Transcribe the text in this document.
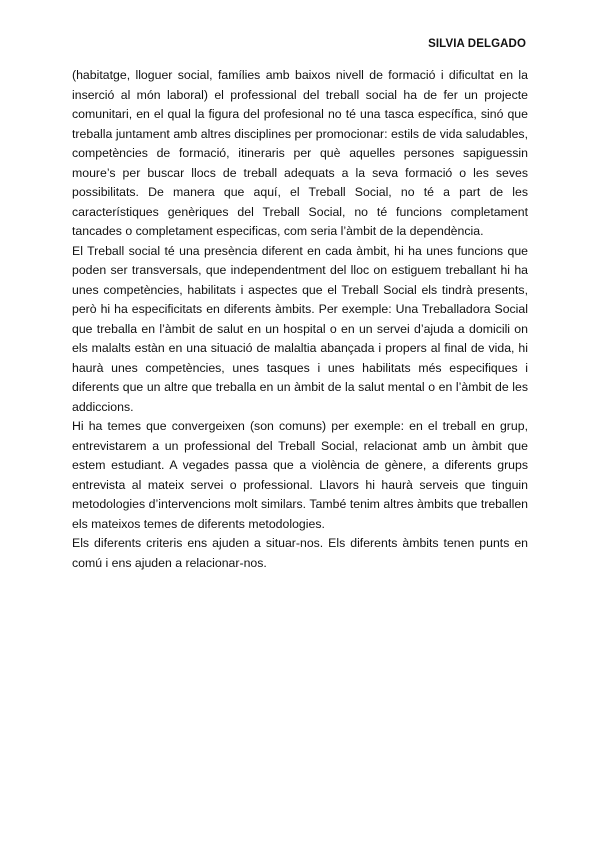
SILVIA DELGADO

(habitatge, lloguer social, famílies amb baixos nivell de formació i dificultat en la inserció al món laboral) el professional del treball social ha de fer un projecte comunitari, en el qual la figura del profesional no té una tasca específica, sinó que treballa juntament amb altres disciplines per promocionar: estils de vida saludables, competències de formació, itineraris per què aquelles persones sapiguessin moure’s per buscar llocs de treball adequats a la seva formació o les seves possibilitats. De manera que aquí, el Treball Social, no té a part de les característiques genèriques del Treball Social, no té funcions completament tancades o completament especificas, com seria l’àmbit de la dependència.

El Treball social té una presència diferent en cada àmbit, hi ha unes funcions que poden ser transversals, que independentment del lloc on estiguem treballant hi ha unes competències, habilitats i aspectes que el Treball Social els tindrà presents, però hi ha especificitats en diferents àmbits. Per exemple: Una Treballadora Social que treballa en l’àmbit de salut en un hospital o en un servei d’ajuda a domicili on els malalts estàn en una situació de malaltia abançada i propers al final de vida, hi haurà unes competències, unes tasques i unes habilitats més especifiques i diferents que un altre que treballa en un àmbit de la salut mental o en l’àmbit de les addiccions.

Hi ha temes que convergeixen (son comuns) per exemple: en el treball en grup, entrevistarem a un professional del Treball Social, relacionat amb un àmbit que estem estudiant. A vegades passa que a violència de gènere, a diferents grups entrevista al mateix servei o professional. Llavors hi haurà serveis que tinguin metodologies d’intervencions molt similars. També tenim altres àmbits que treballen els mateixos temes de diferents metodologies.

Els diferents criteris ens ajuden a situar-nos. Els diferents àmbits tenen punts en comú i ens ajuden a relacionar-nos.
